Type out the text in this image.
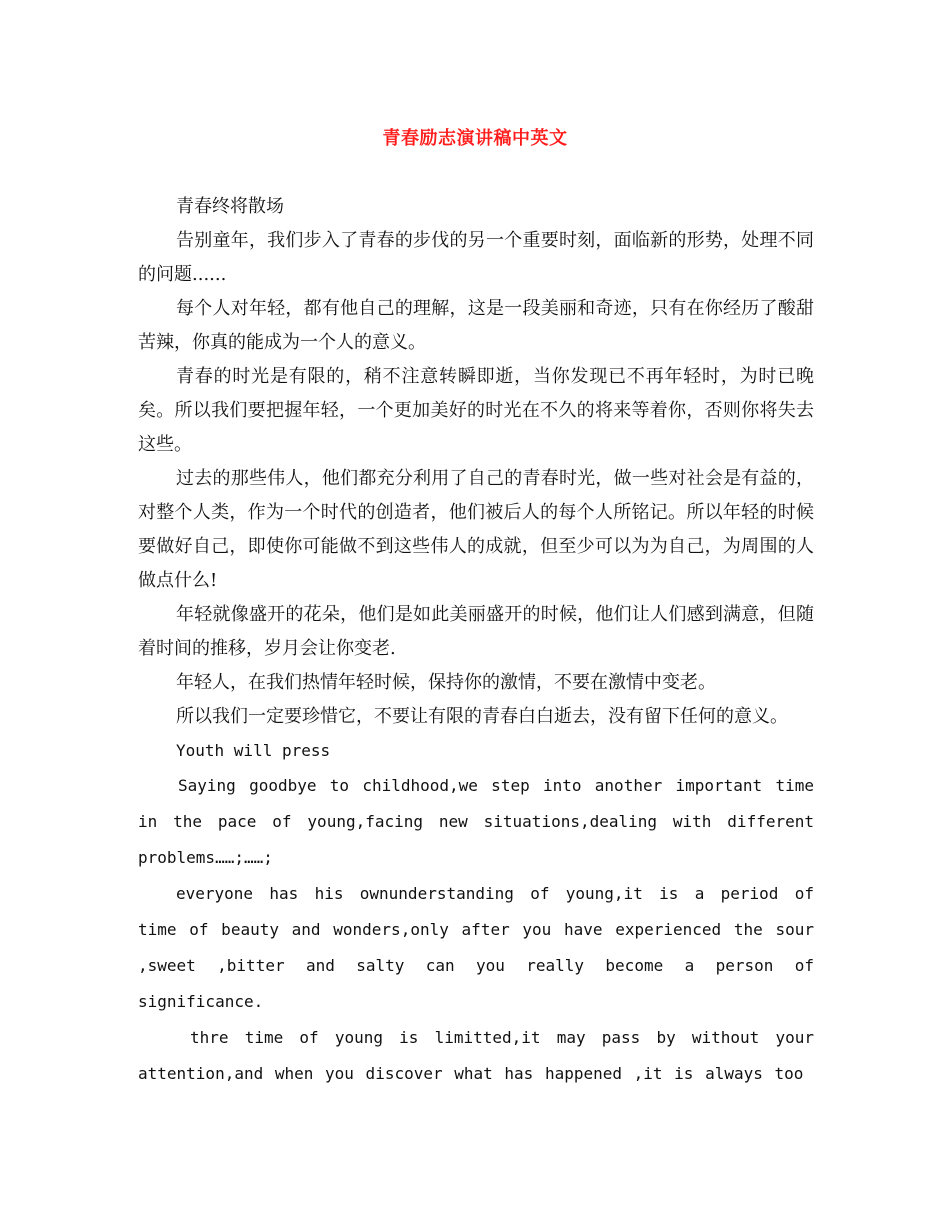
青春励志演讲稿中英文

青春终将散场

告别童年，我们步入了青春的步伐的另一个重要时刻，面临新的形势，处理不同的问题......

每个人对年轻，都有他自己的理解，这是一段美丽和奇迹，只有在你经历了酸甜苦辣，你真的能成为一个人的意义。

青春的时光是有限的，稍不注意转瞬即逝，当你发现已不再年轻时，为时已晚矣。所以我们要把握年轻，一个更加美好的时光在不久的将来等着你，否则你将失去这些。

过去的那些伟人，他们都充分利用了自己的青春时光，做一些对社会是有益的，对整个人类，作为一个时代的创造者，他们被后人的每个人所铭记。所以年轻的时候要做好自己，即使你可能做不到这些伟人的成就，但至少可以为为自己，为周围的人做点什么!

年轻就像盛开的花朵，他们是如此美丽盛开的时候，他们让人们感到满意，但随着时间的推移，岁月会让你变老.

年轻人，在我们热情年轻时候，保持你的激情，不要在激情中变老。

所以我们一定要珍惜它，不要让有限的青春白白逝去，没有留下任何的意义。

Youth will press

Saying goodbye to childhood,we step into another important time in the pace of young,facing new situations,dealing with different problems……;……;

everyone has his ownunderstanding of young,it is a period of time of beauty and wonders,only after you have experienced the sour ,sweet ,bitter and salty can you really become a person of significance.

thre time of young is limitted,it may pass by without your attention,and when you discover what has happened ,it is always too
